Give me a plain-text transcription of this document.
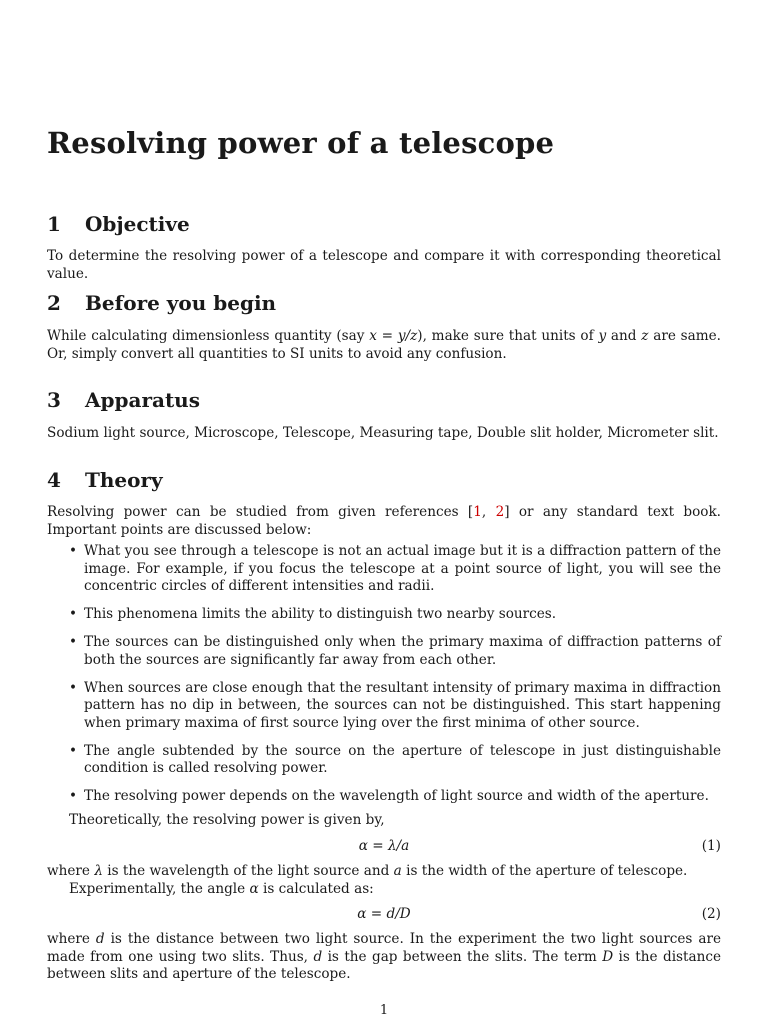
Resolving power of a telescope
1 Objective

To determine the resolving power of a telescope and compare it with corresponding theoretical value.

2 Before you begin

While calculating dimensionless quantity (say x = y/z), make sure that units of y and z are same. Or, simply convert all quantities to SI units to avoid any confusion.

3 Apparatus

Sodium light source, Microscope, Telescope, Measuring tape, Double slit holder, Micrometer slit.

4 Theory

Resolving power can be studied from given references [1, 2] or any standard text book. Important points are discussed below:

• What you see through a telescope is not an actual image but it is a diffraction pattern of the image. For example, if you focus the telescope at a point source of light, you will see the concentric circles of different intensities and radii.
• This phenomena limits the ability to distinguish two nearby sources.
• The sources can be distinguished only when the primary maxima of diffraction patterns of both the sources are significantly far away from each other.
• When sources are close enough that the resultant intensity of primary maxima in diffraction pattern has no dip in between, the sources can not be distinguished. This start happening when primary maxima of first source lying over the first minima of other source.
• The angle subtended by the source on the aperture of telescope in just distinguishable condition is called resolving power.
• The resolving power depends on the wavelength of light source and width of the aperture.

Theoretically, the resolving power is given by,

α = λ/a	(1)

where λ is the wavelength of the light source and a is the width of the aperture of telescope.

Experimentally, the angle α is calculated as:

α = d/D	(2)

where d is the distance between two light source. In the experiment the two light sources are made from one using two slits. Thus, d is the gap between the slits. The term D is the distance between slits and aperture of the telescope.

1
